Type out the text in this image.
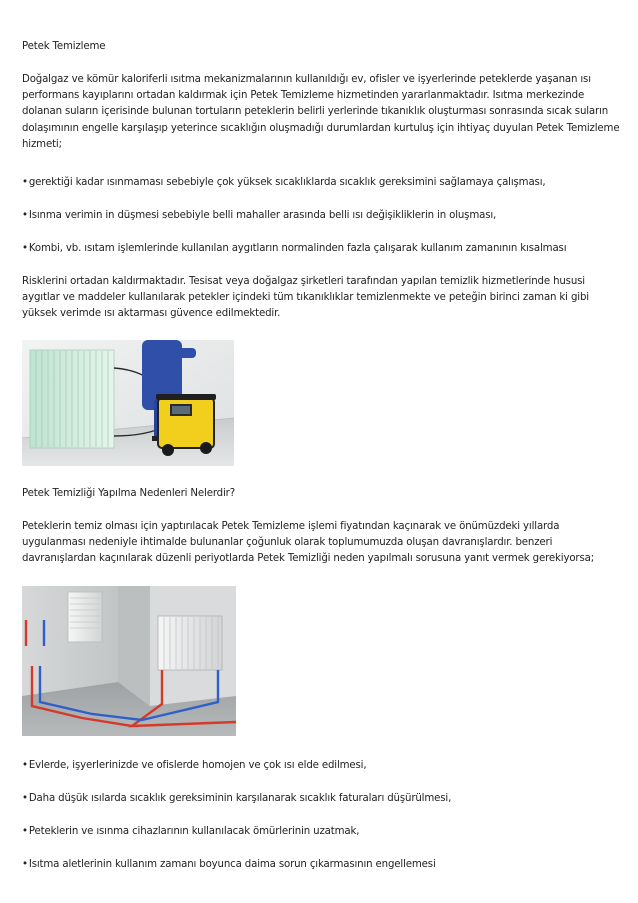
Petek Temizleme

Doğalgaz ve kömür kaloriferli ısıtma mekanizmalarının kullanıldığı ev, ofisler ve işyerlerinde peteklerde yaşanan ısı performans kayıplarını ortadan kaldırmak için Petek Temizleme hizmetinden yararlanmaktadır. Isıtma merkezinde dolanan suların içerisinde bulunan tortuların peteklerin belirli yerlerinde tıkanıklık oluşturması sonrasında sıcak suların dolaşımının engelle karşılaşıp yeterince sıcaklığın oluşmadığı durumlardan kurtuluş için ihtiyaç duyulan Petek Temizleme hizmeti;

•gerektiği kadar ısınmaması sebebiyle çok yüksek sıcaklıklarda sıcaklık gereksimini sağlamaya çalışması,
•Isınma verimin in düşmesi sebebiyle belli mahaller arasında belli ısı değişikliklerin in oluşması,
•Kombi, vb. ısıtam işlemlerinde kullanılan aygıtların normalinden fazla çalışarak kullanım zamanının kısalması

Risklerini ortadan kaldırmaktadır. Tesisat veya doğalgaz şirketleri tarafından yapılan temizlik hizmetlerinde hususi aygıtlar ve maddeler kullanılarak petekler içindeki tüm tıkanıklıklar temizlenmekte ve peteğin birinci zaman ki gibi yüksek verimde ısı aktarması güvence edilmektedir.

Petek Temizliği Yapılma Nedenleri Nelerdir?

Peteklerin temiz olması için yaptırılacak Petek Temizleme işlemi fiyatından kaçınarak ve önümüzdeki yıllarda uygulanması nedeniyle ihtimalde bulunanlar çoğunluk olarak toplumumuzda oluşan davranışlardır. benzeri davranışlardan kaçınılarak düzenli periyotlarda Petek Temizliği neden yapılmalı sorusuna yanıt vermek gerekiyorsa;

•Evlerde, işyerlerinizde ve ofislerde homojen ve çok ısı elde edilmesi,
•Daha düşük ısılarda sıcaklık gereksiminin karşılanarak sıcaklık faturaları düşürülmesi,
•Peteklerin ve ısınma cihazlarının kullanılacak ömürlerinin uzatmak,
•Isıtma aletlerinin kullanım zamanı boyunca daima sorun çıkarmasının engellemesi
